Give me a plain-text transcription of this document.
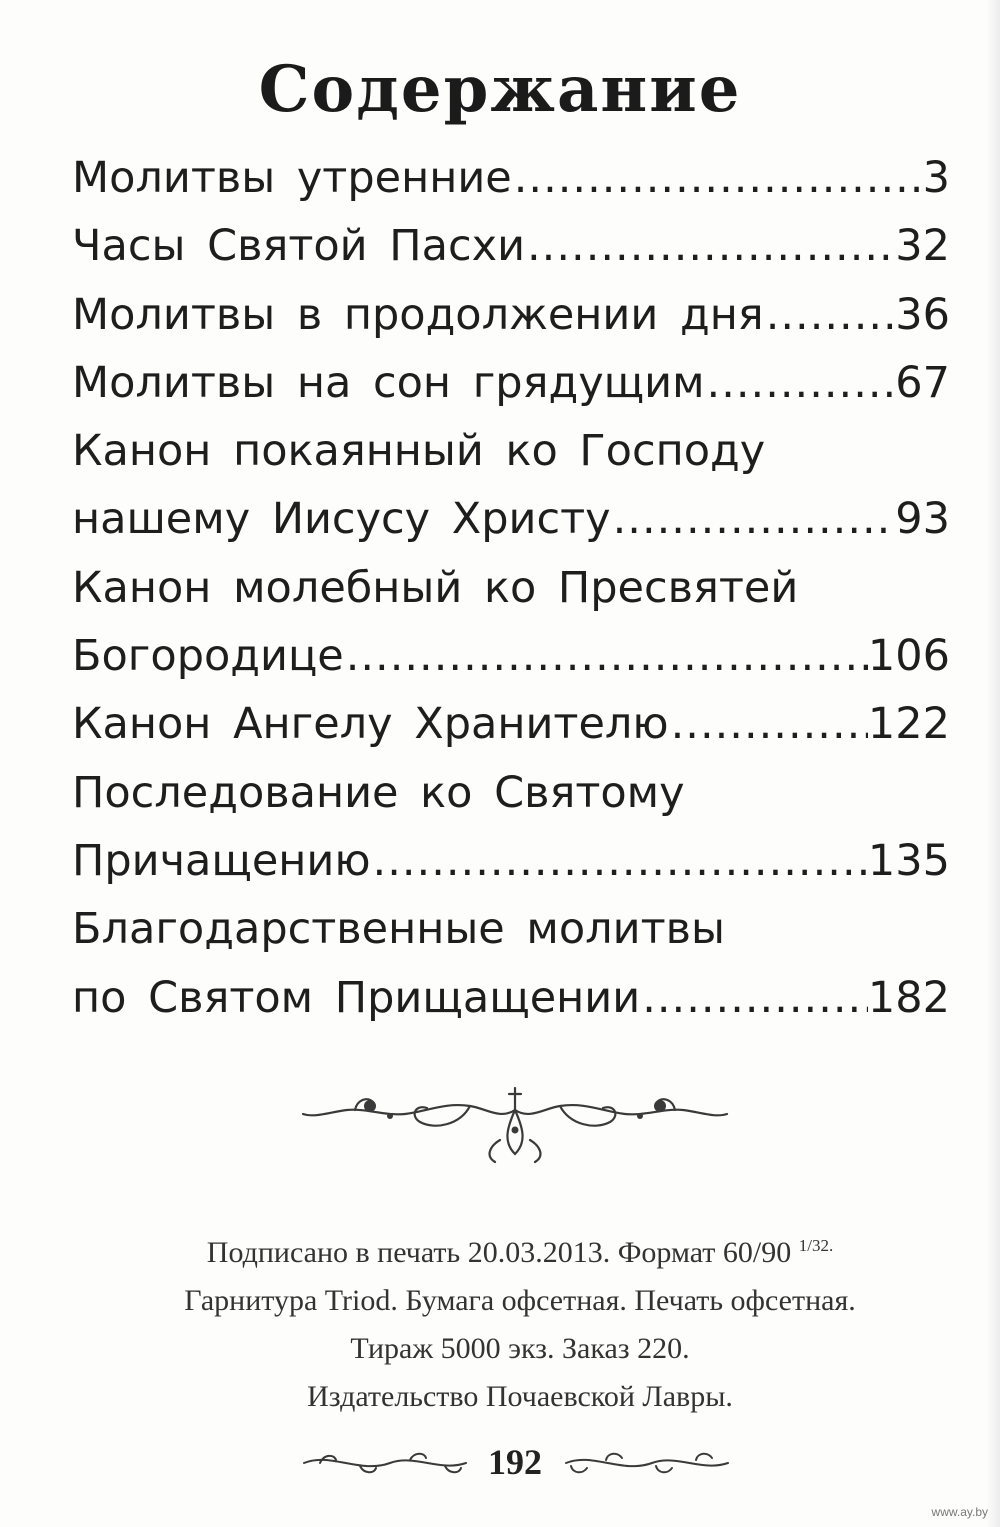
Содержание
Молитвы утренние .....	3
Часы Святой Пасхи .....	32
Молитвы в продолжении дня .....	36
Молитвы на сон грядущим .....	67
Канон покаянный ко Господу
нашему Иисусу Христу .....	93
Канон молебный ко Пресвятей
Богородице .....	106
Канон Ангелу Хранителю .....	122
Последование ко Святому
Причащению .....	135
Благодарственные молитвы
по Святом Прищащении .....	182
Подписано в печать 20.03.2013. Формат 60/90 $^{1/32.}$
Гарнитура Triod. Бумага офсетная. Печать офсетная.
Тираж 5000 экз. Заказ 220.
Издательство Почаевской Лавры.
192
www.ay.by
